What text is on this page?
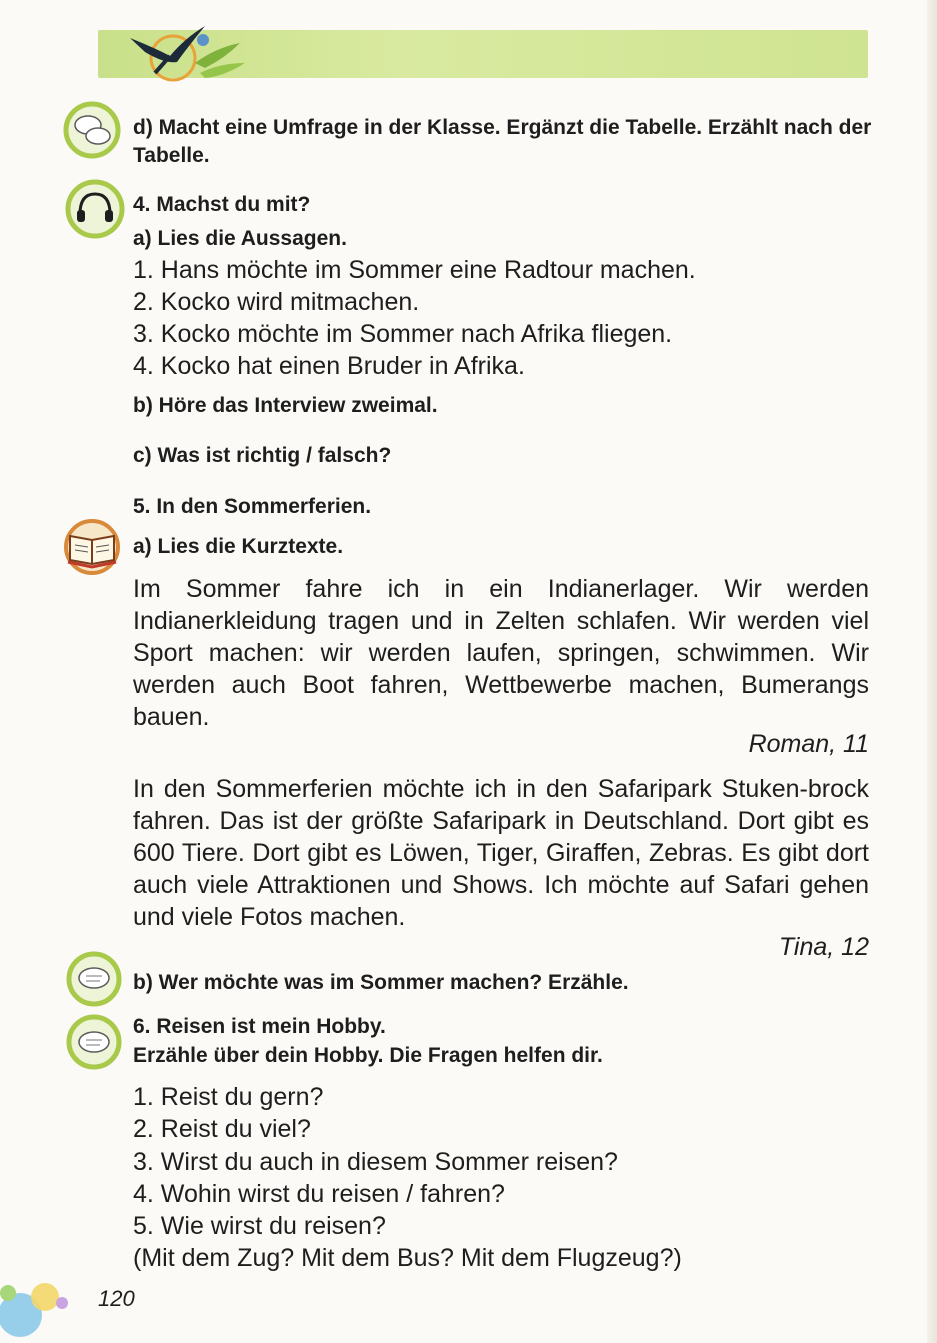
d) Macht eine Umfrage in der Klasse. Ergänzt die Tabelle. Erzählt nach der Tabelle.
4. Machst du mit?
a) Lies die Aussagen.
1. Hans möchte im Sommer eine Radtour machen.
2. Kocko wird mitmachen.
3. Kocko möchte im Sommer nach Afrika fliegen.
4. Kocko hat einen Bruder in Afrika.
b) Höre das Interview zweimal.
c) Was ist richtig / falsch?
5. In den Sommerferien.
a) Lies die Kurztexte.
Im Sommer fahre ich in ein Indianerlager. Wir werden Indianerkleidung tragen und in Zelten schlafen. Wir werden viel Sport machen: wir werden laufen, springen, schwimmen. Wir werden auch Boot fahren, Wettbewerbe machen, Bumerangs bauen.
Roman, 11
In den Sommerferien möchte ich in den Safaripark Stuken-brock fahren. Das ist der größte Safaripark in Deutschland. Dort gibt es 600 Tiere. Dort gibt es Löwen, Tiger, Giraffen, Zebras. Es gibt dort auch viele Attraktionen und Shows. Ich möchte auf Safari gehen und viele Fotos machen.
Tina, 12
b) Wer möchte was im Sommer machen? Erzähle.
6. Reisen ist mein Hobby.
Erzähle über dein Hobby. Die Fragen helfen dir.
1. Reist du gern?
2. Reist du viel?
3. Wirst du auch in diesem Sommer reisen?
4. Wohin wirst du reisen / fahren?
5. Wie wirst du reisen?
(Mit dem Zug? Mit dem Bus? Mit dem Flugzeug?)
120
